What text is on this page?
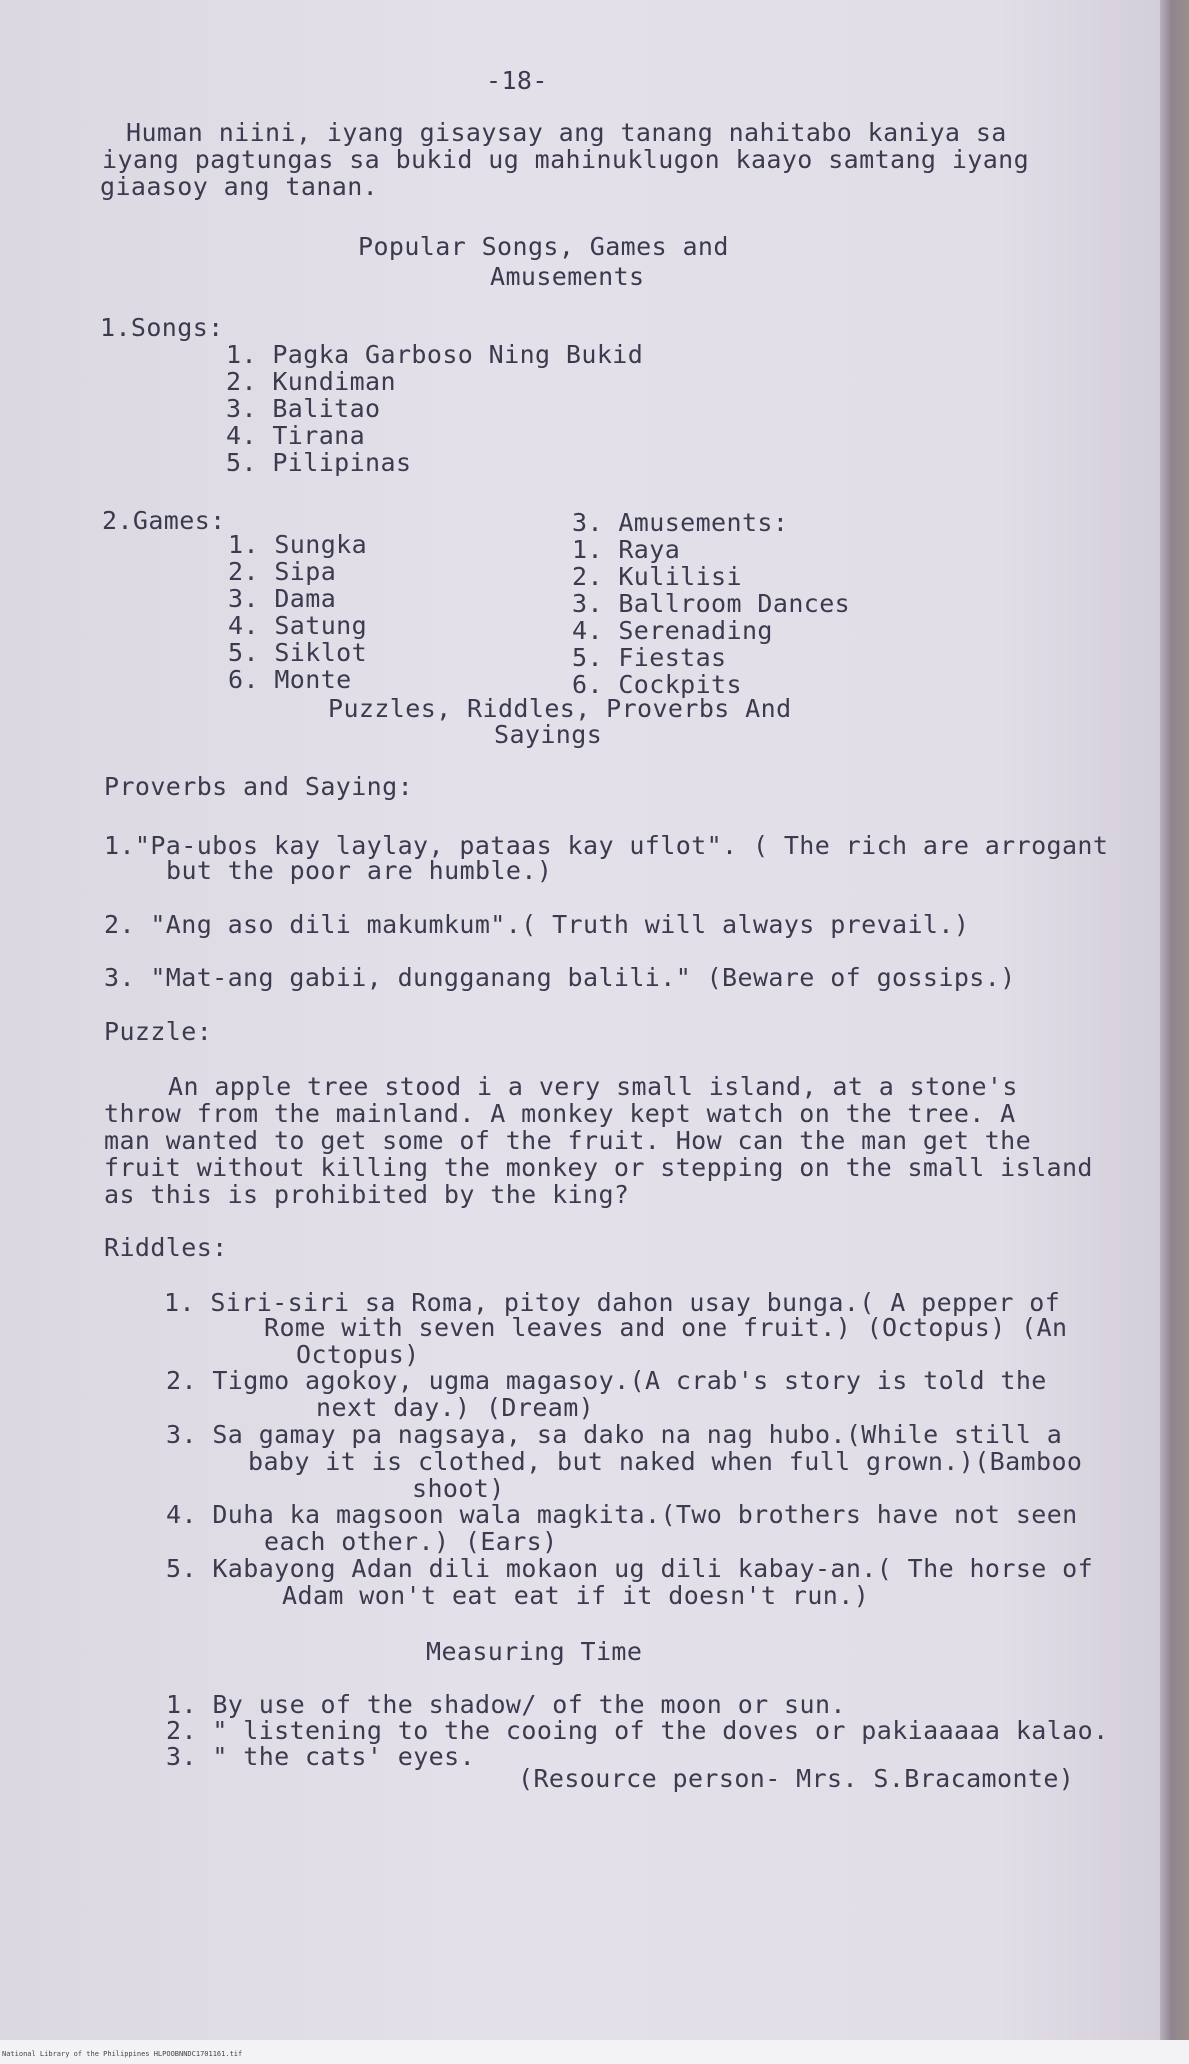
-18-
Human niini, iyang gisaysay ang tanang nahitabo kaniya sa
iyang pagtungas sa bukid ug mahinuklugon kaayo samtang iyang
giaasoy ang tanan.
Popular Songs, Games and
Amusements
1.Songs:
1. Pagka Garboso Ning Bukid
2. Kundiman
3. Balitao
4. Tirana
5. Pilipinas
2.Games:
1. Sungka
2. Sipa
3. Dama
4. Satung
5. Siklot
6. Monte
3. Amusements:
1. Raya
2. Kulilisi
3. Ballroom Dances
4. Serenading
5. Fiestas
6. Cockpits
Puzzles, Riddles, Proverbs And
Sayings
Proverbs and Saying:
1."Pa-ubos kay laylay, pataas kay uflot". ( The rich are arrogant
but the poor are humble.)
2. "Ang aso dili makumkum".( Truth will always prevail.)
3. "Mat-ang gabii, dungganang balili." (Beware of gossips.)
Puzzle:
An apple tree stood i a very small island, at a stone's
throw from the mainland. A monkey kept watch on the tree. A
man wanted to get some of the fruit. How can the man get the
fruit without killing the monkey or stepping on the small island
as this is prohibited by the king?
Riddles:
1. Siri-siri sa Roma, pitoy dahon usay bunga.( A pepper of
Rome with seven leaves and one fruit.) (Octopus) (An
Octopus)
2. Tigmo agokoy, ugma magasoy.(A crab's story is told the
next day.) (Dream)
3. Sa gamay pa nagsaya, sa dako na nag hubo.(While still a
baby it is clothed, but naked when full grown.)(Bamboo
shoot)
4. Duha ka magsoon wala magkita.(Two brothers have not seen
each other.) (Ears)
5. Kabayong Adan dili mokaon ug dili kabay-an.( The horse of
Adam won't eat eat if it doesn't run.)
Measuring Time
1. By use of the shadow/ of the moon or sun.
2. " listening to the cooing of the doves or pakiaaaaa kalao.
3. " the cats' eyes.
(Resource person- Mrs. S.Bracamonte)
National Library of the Philippines HLPOOBNNDC1701161.tif
